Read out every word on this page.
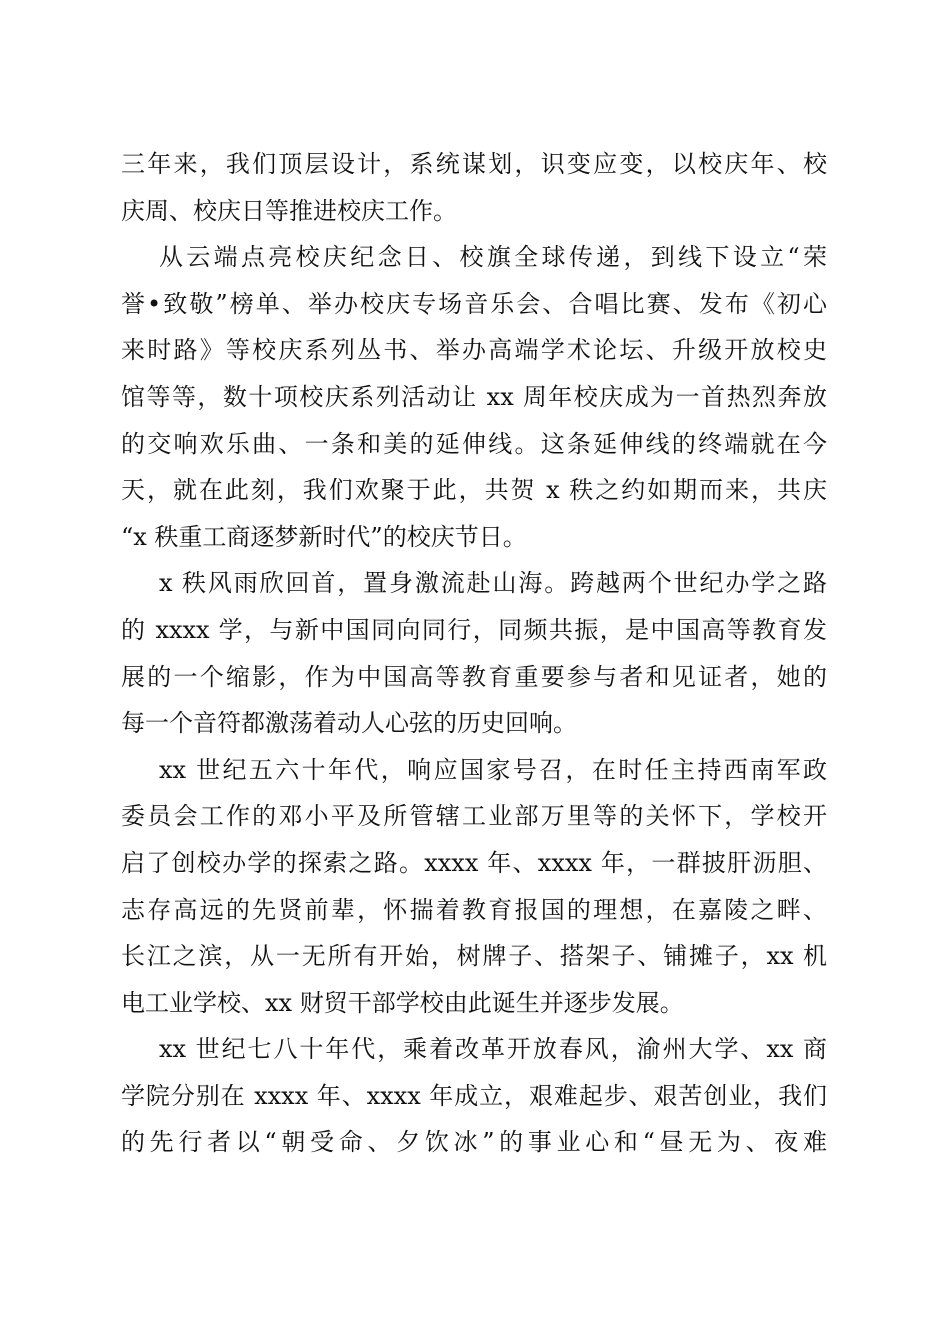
三年来，我们顶层设计，系统谋划，识变应变，以校庆年、校
庆周、校庆日等推进校庆工作。
从云端点亮校庆纪念日、校旗全球传递，到线下设立“荣
誉•致敬”榜单、举办校庆专场音乐会、合唱比赛、发布《初心
来时路》等校庆系列丛书、举办高端学术论坛、升级开放校史
馆等等，数十项校庆系列活动让 xx 周年校庆成为一首热烈奔放
的交响欢乐曲、一条和美的延伸线。这条延伸线的终端就在今
天，就在此刻，我们欢聚于此，共贺 x 秩之约如期而来，共庆
“x 秩重工商逐梦新时代”的校庆节日。
x 秩风雨欣回首，置身激流赴山海。跨越两个世纪办学之路
的 xxxx 学，与新中国同向同行，同频共振，是中国高等教育发
展的一个缩影，作为中国高等教育重要参与者和见证者，她的
每一个音符都激荡着动人心弦的历史回响。
xx 世纪五六十年代，响应国家号召，在时任主持西南军政
委员会工作的邓小平及所管辖工业部万里等的关怀下，学校开
启了创校办学的探索之路。xxxx 年、xxxx 年，一群披肝沥胆、
志存高远的先贤前辈，怀揣着教育报国的理想，在嘉陵之畔、
长江之滨，从一无所有开始，树牌子、搭架子、铺摊子，xx 机
电工业学校、xx 财贸干部学校由此诞生并逐步发展。
xx 世纪七八十年代，乘着改革开放春风，渝州大学、xx 商
学院分别在 xxxx 年、xxxx 年成立，艰难起步、艰苦创业，我们
的先行者以“朝受命、夕饮冰”的事业心和“昼无为、夜难
